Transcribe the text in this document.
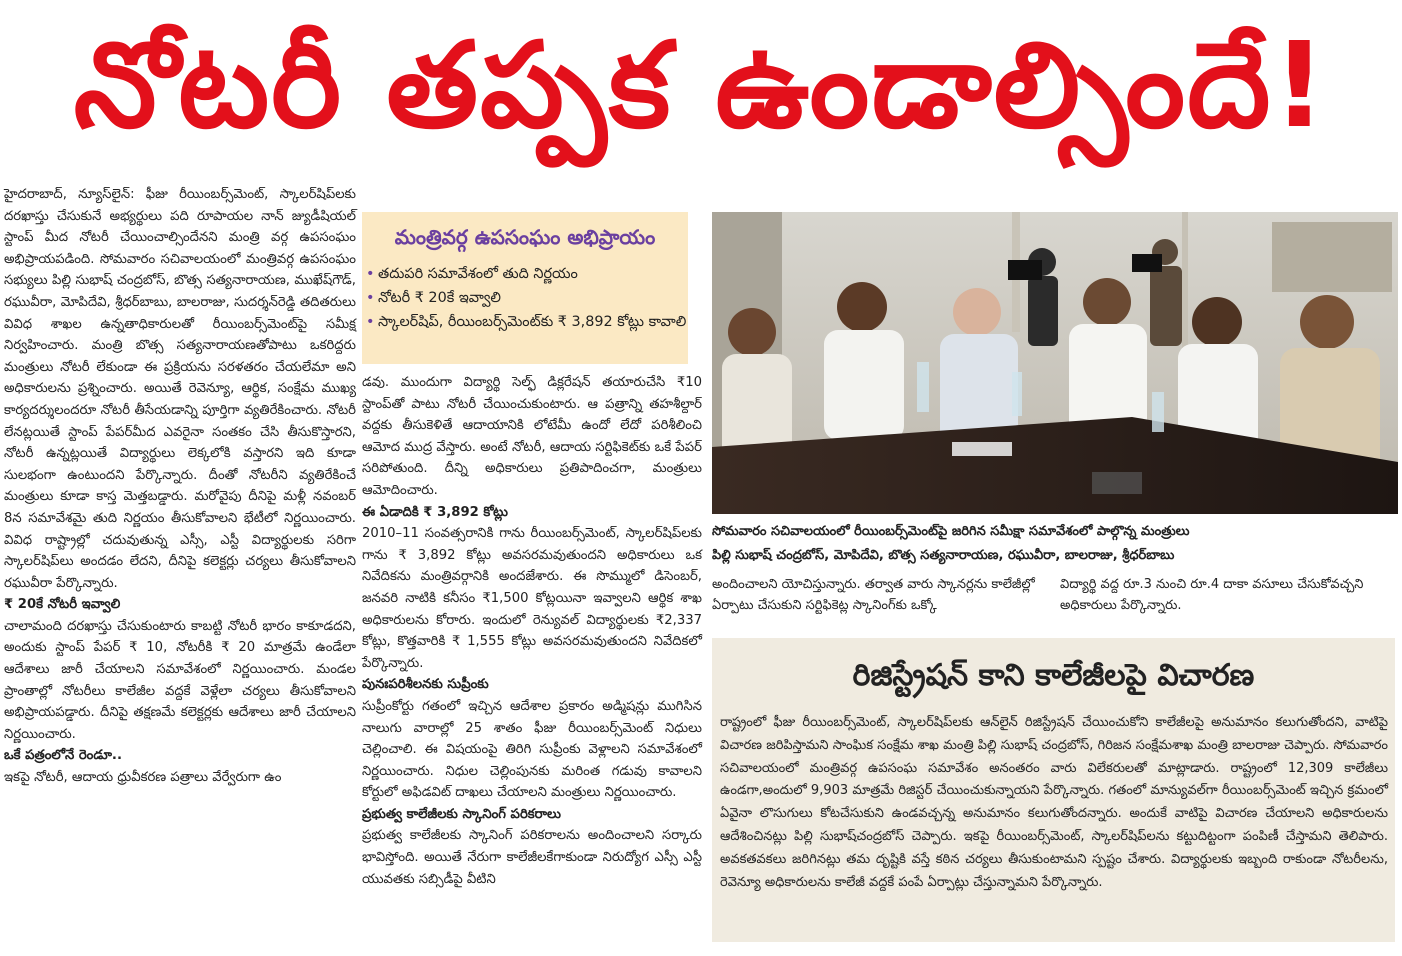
నోటరీ తప్పక ఉండాల్సిందే!

హైదరాబాద్, న్యూస్‌లైన్: ఫీజు రీయింబర్స్‌మెంట్, స్కాలర్‌షిప్‌లకు దరఖాస్తు చేసుకునే అభ్యర్థులు పది రూపాయల నాన్ జ్యుడీషియల్ స్టాంప్ మీద నోటరీ చేయించాల్సిందేనని మంత్రి వర్గ ఉపసంఘం అభిప్రాయపడింది. సోమవారం సచివాలయంలో మంత్రివర్గ ఉపసంఘం సభ్యులు పిల్లి సుభాష్ చంద్రబోస్, బొత్స సత్యనారాయణ, ముఖేష్‌గౌడ్, రఘువీరా, మోపిదేవి, శ్రీధర్‌బాబు, బాలరాజు, సుదర్శన్‌రెడ్డి తదితరులు వివిధ శాఖల ఉన్నతాధికారులతో రీయింబర్స్‌మెంట్‌పై సమీక్ష నిర్వహించారు. మంత్రి బొత్స సత్యనారాయణతోపాటు ఒకరిద్దరు మంత్రులు నోటరీ లేకుండా ఈ ప్రక్రియను సరళతరం చేయలేమా అని అధికారులను ప్రశ్నించారు. అయితే రెవెన్యూ, ఆర్థిక, సంక్షేమ ముఖ్య కార్యదర్శులందరూ నోటరీ తీసేయడాన్ని పూర్తిగా వ్యతిరేకించారు. నోటరీ లేనట్లయితే స్టాంప్ పేపర్‌మీద ఎవరైనా సంతకం చేసి తీసుకొస్తారని, నోటరీ ఉన్నట్లయితే విద్యార్థులు లెక్కలోకి వస్తారని ఇది కూడా సులభంగా ఉంటుందని పేర్కొన్నారు. దీంతో నోటరీని వ్యతిరేకించే మంత్రులు కూడా కాస్త మెత్తబడ్డారు. మరోవైపు దీనిపై మళ్లీ నవంబర్ 8న సమావేశమై తుది నిర్ణయం తీసుకోవాలని భేటీలో నిర్ణయించారు. వివిధ రాష్ట్రాల్లో చదువుతున్న ఎస్సీ, ఎస్టీ విద్యార్థులకు సరిగా స్కాలర్‌షిప్‌లు అందడం లేదని, దీనిపై కలెక్టర్లు చర్యలు తీసుకోవాలని రఘువీరా పేర్కొన్నారు.

₹ 20కే నోటరీ ఇవ్వాలి

చాలామంది దరఖాస్తు చేసుకుంటారు కాబట్టి నోటరీ భారం కాకూడదని, అందుకు స్టాంప్ పేపర్ ₹ 10, నోటరీకి ₹ 20 మాత్రమే ఉండేలా ఆదేశాలు జారీ చేయాలని సమావేశంలో నిర్ణయించారు. మండల ప్రాంతాల్లో నోటరీలు కాలేజీల వద్దకే వెళ్లేలా చర్యలు తీసుకోవాలని అభిప్రాయపడ్డారు. దీనిపై తక్షణమే కలెక్టర్లకు ఆదేశాలు జారీ చేయాలని నిర్ణయించారు.

ఒకే పత్రంలోనే రెండూ..

ఇకపై నోటరీ, ఆదాయ ధ్రువీకరణ పత్రాలు వేర్వేరుగా ఉం

మంత్రివర్గ ఉపసంఘం అభిప్రాయం
• తదుపరి సమావేశంలో తుది నిర్ణయం
• నోటరీ ₹ 20కే ఇవ్వాలి
• స్కాలర్‌షిప్, రీయింబర్స్‌మెంట్‌కు ₹ 3,892 కోట్లు కావాలి

డవు. ముందుగా విద్యార్థి సెల్ఫ్ డిక్లరేషన్ తయారుచేసి ₹10 స్టాంప్‌తో పాటు నోటరీ చేయించుకుంటారు. ఆ పత్రాన్ని తహశీల్దార్ వద్దకు తీసుకెళితే ఆదాయానికి లోటేమీ ఉందో లేదో పరిశీలించి ఆమోద ముద్ర వేస్తారు. అంటే నోటరీ, ఆదాయ సర్టిఫికెట్‌కు ఒకే పేపర్ సరిపోతుంది. దీన్ని అధికారులు ప్రతిపాదించగా, మంత్రులు ఆమోదించారు.

ఈ ఏడాదికి ₹ 3,892 కోట్లు

2010–11 సంవత్సరానికి గాను రీయింబర్స్‌మెంట్, స్కాలర్‌షిప్‌లకు గాను ₹ 3,892 కోట్లు అవసరమవుతుందని అధికారులు ఒక నివేదికను మంత్రివర్గానికి అందజేశారు. ఈ సొమ్ములో డిసెంబర్, జనవరి నాటికి కనీసం ₹1,500 కోట్లయినా ఇవ్వాలని ఆర్థిక శాఖ అధికారులను కోరారు. ఇందులో రెన్యువల్ విద్యార్థులకు ₹2,337 కోట్లు, కొత్తవారికి ₹ 1,555 కోట్లు అవసరమవుతుందని నివేదికలో పేర్కొన్నారు.

పునఃపరిశీలనకు సుప్రీంకు

సుప్రీంకోర్టు గతంలో ఇచ్చిన ఆదేశాల ప్రకారం అడ్మిషన్లు ముగిసిన నాలుగు వారాల్లో 25 శాతం ఫీజు రీయింబర్స్‌మెంట్ నిధులు చెల్లించాలి. ఈ విషయంపై తిరిగి సుప్రీంకు వెళ్లాలని సమావేశంలో నిర్ణయించారు. నిధుల చెల్లింపునకు మరింత గడువు కావాలని కోర్టులో అఫిడవిట్ దాఖలు చేయాలని మంత్రులు నిర్ణయించారు.

ప్రభుత్వ కాలేజీలకు స్కానింగ్ పరికరాలు

ప్రభుత్వ కాలేజీలకు స్కానింగ్ పరికరాలను అందించాలని సర్కారు భావిస్తోంది. అయితే నేరుగా కాలేజీలకేగాకుండా నిరుద్యోగ ఎస్సీ ఎస్టీ యువతకు సబ్సిడీపై వీటిని

సోమవారం సచివాలయంలో రీయింబర్స్‌మెంట్‌పై జరిగిన సమీక్షా సమావేశంలో పాల్గొన్న మంత్రులు
పిల్లి సుభాష్ చంద్రబోస్, మోపిదేవి, బొత్స సత్యనారాయణ, రఘువీరా, బాలరాజు, శ్రీధర్‌బాబు
అందించాలని యోచిస్తున్నారు. తర్వాత వారు స్కానర్లను కాలేజీల్లో ఏర్పాటు చేసుకుని సర్టిఫికెట్ల స్కానింగ్‌కు ఒక్కో
విద్యార్థి వద్ద రూ.3 నుంచి రూ.4 దాకా వసూలు చేసుకోవచ్చని అధికారులు పేర్కొన్నారు.
రిజిస్ట్రేషన్ కాని కాలేజీలపై విచారణ
రాష్ట్రంలో ఫీజు రీయింబర్స్‌మెంట్, స్కాలర్‌షిప్‌లకు ఆన్‌లైన్ రిజిస్ట్రేషన్ చేయించుకోని కాలేజీలపై అనుమానం కలుగుతోందని, వాటిపై విచారణ జరిపిస్తామని సాంఘిక సంక్షేమ శాఖ మంత్రి పిల్లి సుభాష్ చంద్రబోస్, గిరిజన సంక్షేమశాఖ మంత్రి బాలరాజు చెప్పారు. సోమవారం సచివాలయంలో మంత్రివర్గ ఉపసంఘ సమావేశం అనంతరం వారు విలేకరులతో మాట్లాడారు. రాష్ట్రంలో 12,309 కాలేజీలు ఉండగా,అందులో 9,903 మాత్రమే రిజిస్టర్ చేయించుకున్నాయని పేర్కొన్నారు. గతంలో మాన్యువల్‌గా రీయింబర్స్‌మెంట్ ఇచ్చిన క్రమంలో ఏవైనా లొసుగులు కోటచేసుకుని ఉండవచ్చన్న అనుమానం కలుగుతోందన్నారు. అందుకే వాటిపై విచారణ చేయాలని అధికారులను ఆదేశించినట్లు పిల్లి సుభాష్‌చంద్రబోస్ చెప్పారు. ఇకపై రీయింబర్స్‌మెంట్, స్కాలర్‌షిప్‌లను కట్టుదిట్టంగా పంపిణీ చేస్తామని తెలిపారు. అవకతవకలు జరిగినట్లు తమ దృష్టికి వస్తే కఠిన చర్యలు తీసుకుంటామని స్పష్టం చేశారు. విద్యార్థులకు ఇబ్బంది రాకుండా నోటరీలను, రెవెన్యూ అధికారులను కాలేజీ వద్దకే పంపే ఏర్పాట్లు చేస్తున్నామని పేర్కొన్నారు.
